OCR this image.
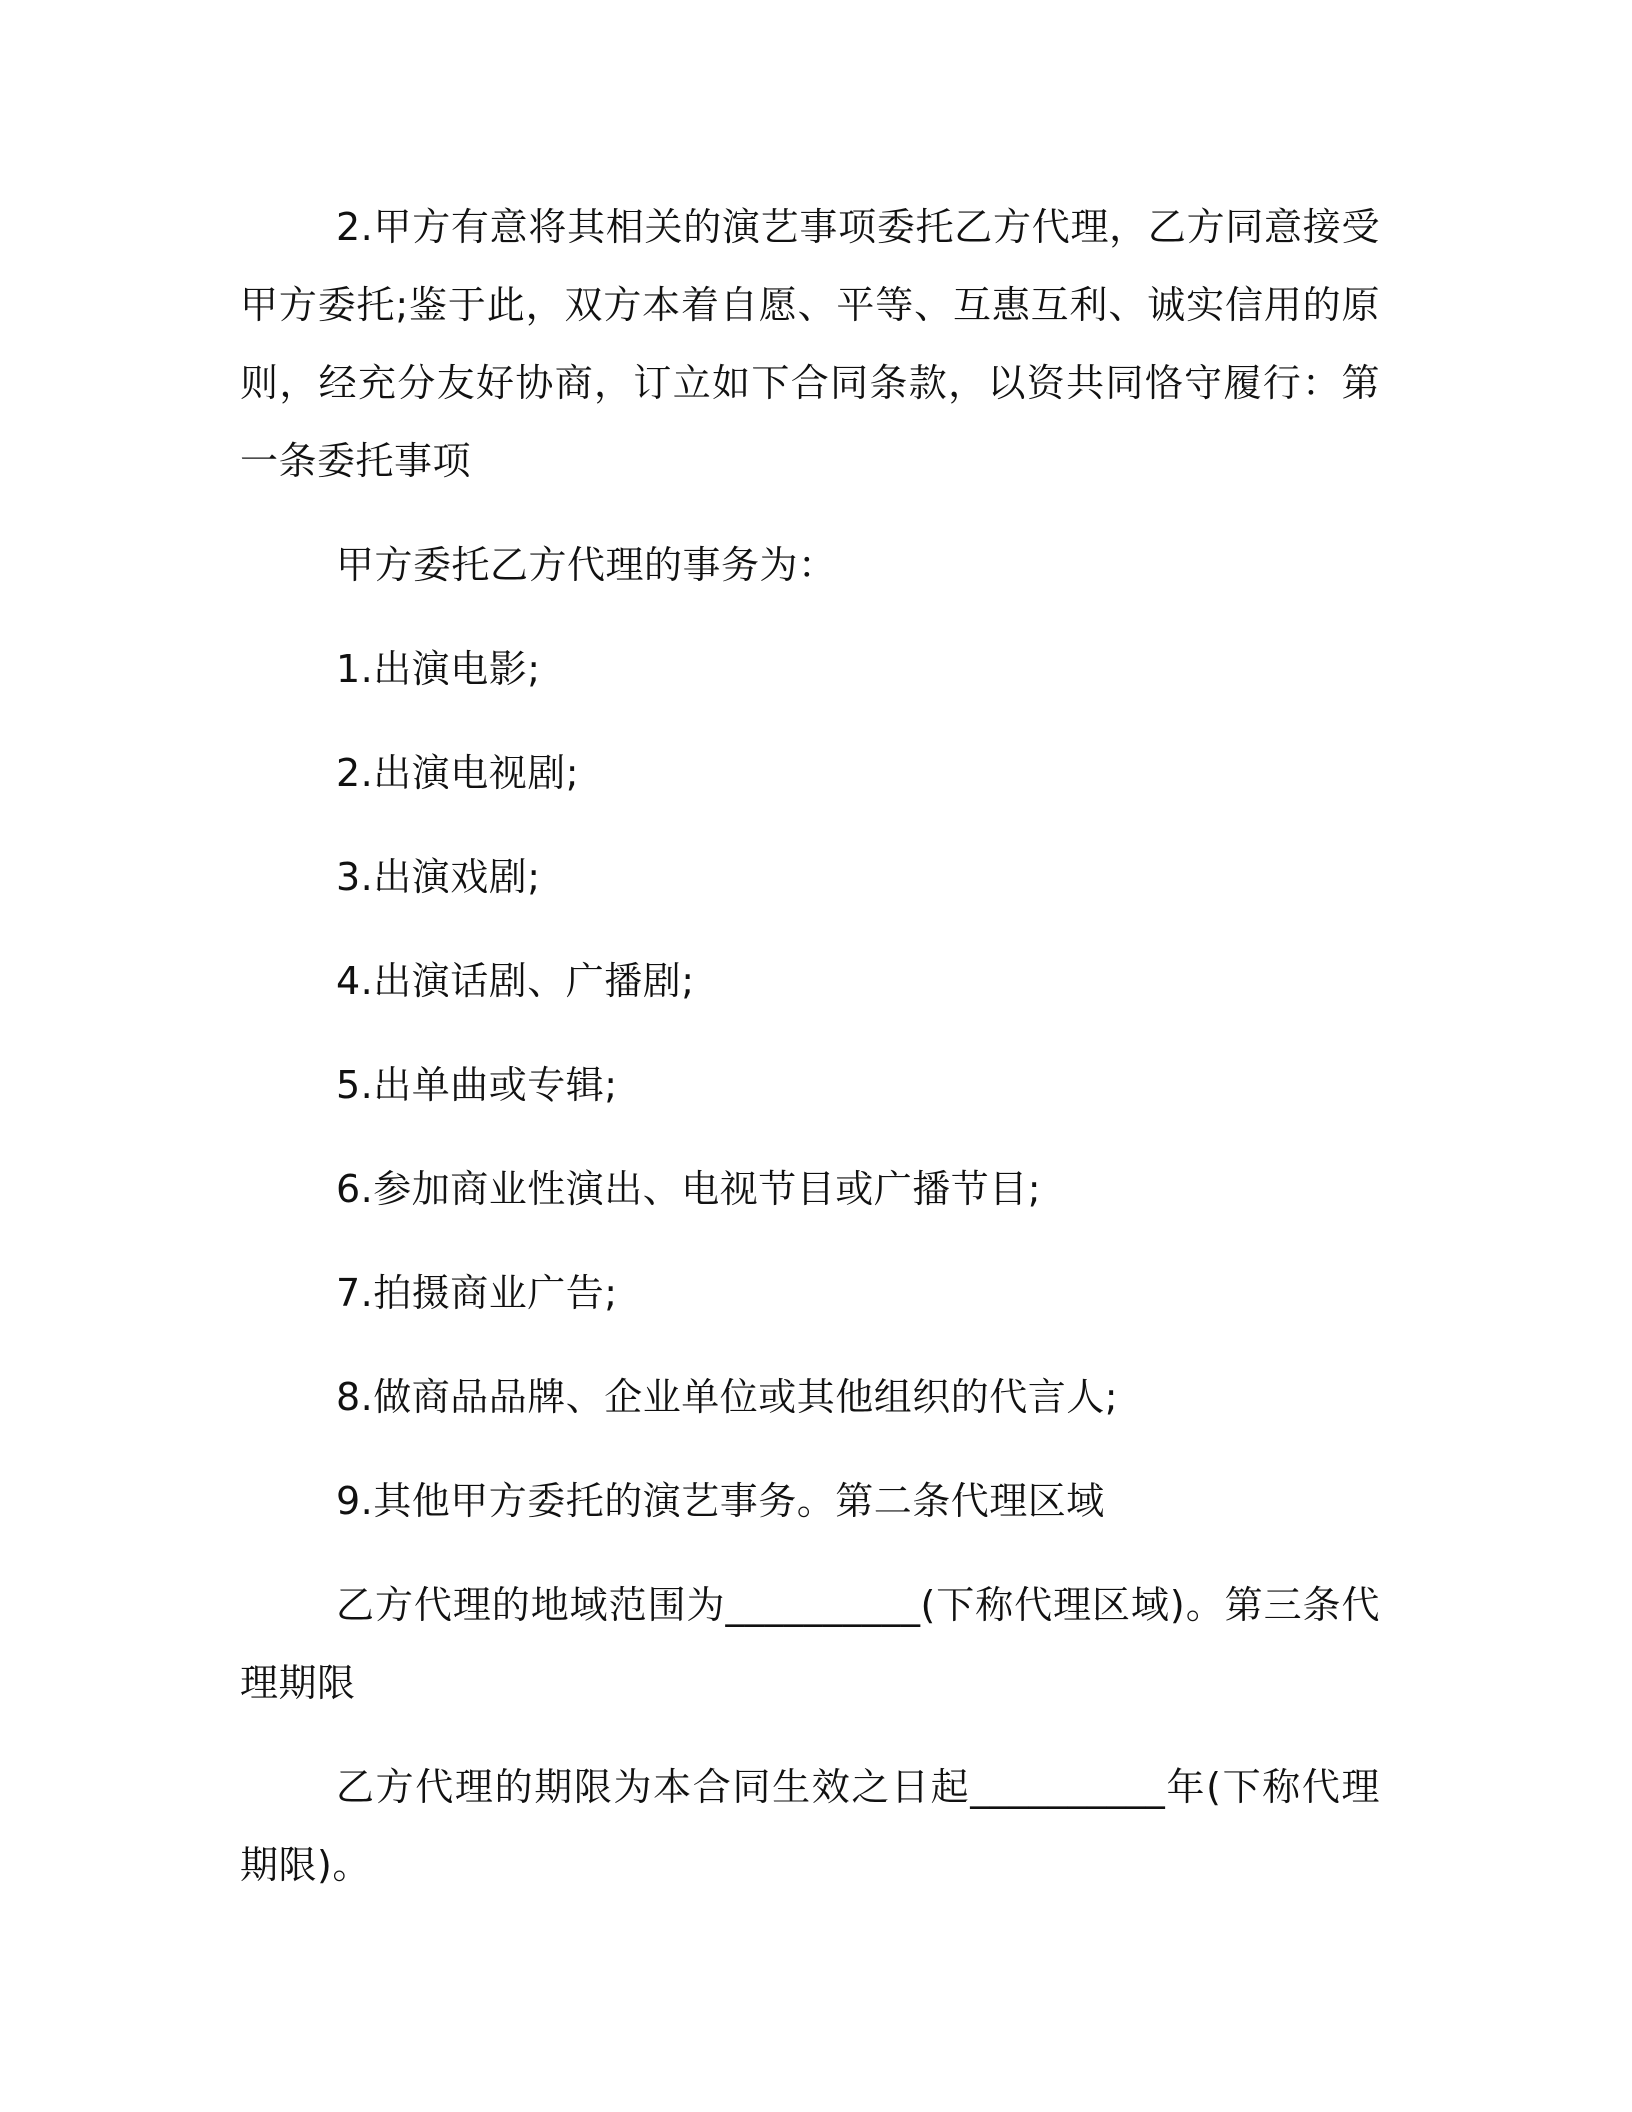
2.甲方有意将其相关的演艺事项委托乙方代理，乙方同意接受甲方委托;鉴于此，双方本着自愿、平等、互惠互利、诚实信用的原则，经充分友好协商，订立如下合同条款，以资共同恪守履行：第一条委托事项

甲方委托乙方代理的事务为：

1.出演电影;

2.出演电视剧;

3.出演戏剧;

4.出演话剧、广播剧;

5.出单曲或专辑;

6.参加商业性演出、电视节目或广播节目;

7.拍摄商业广告;

8.做商品品牌、企业单位或其他组织的代言人;

9.其他甲方委托的演艺事务。第二条代理区域

乙方代理的地域范围为__________(下称代理区域)。第三条代理期限

乙方代理的期限为本合同生效之日起__________年(下称代理期限)。
